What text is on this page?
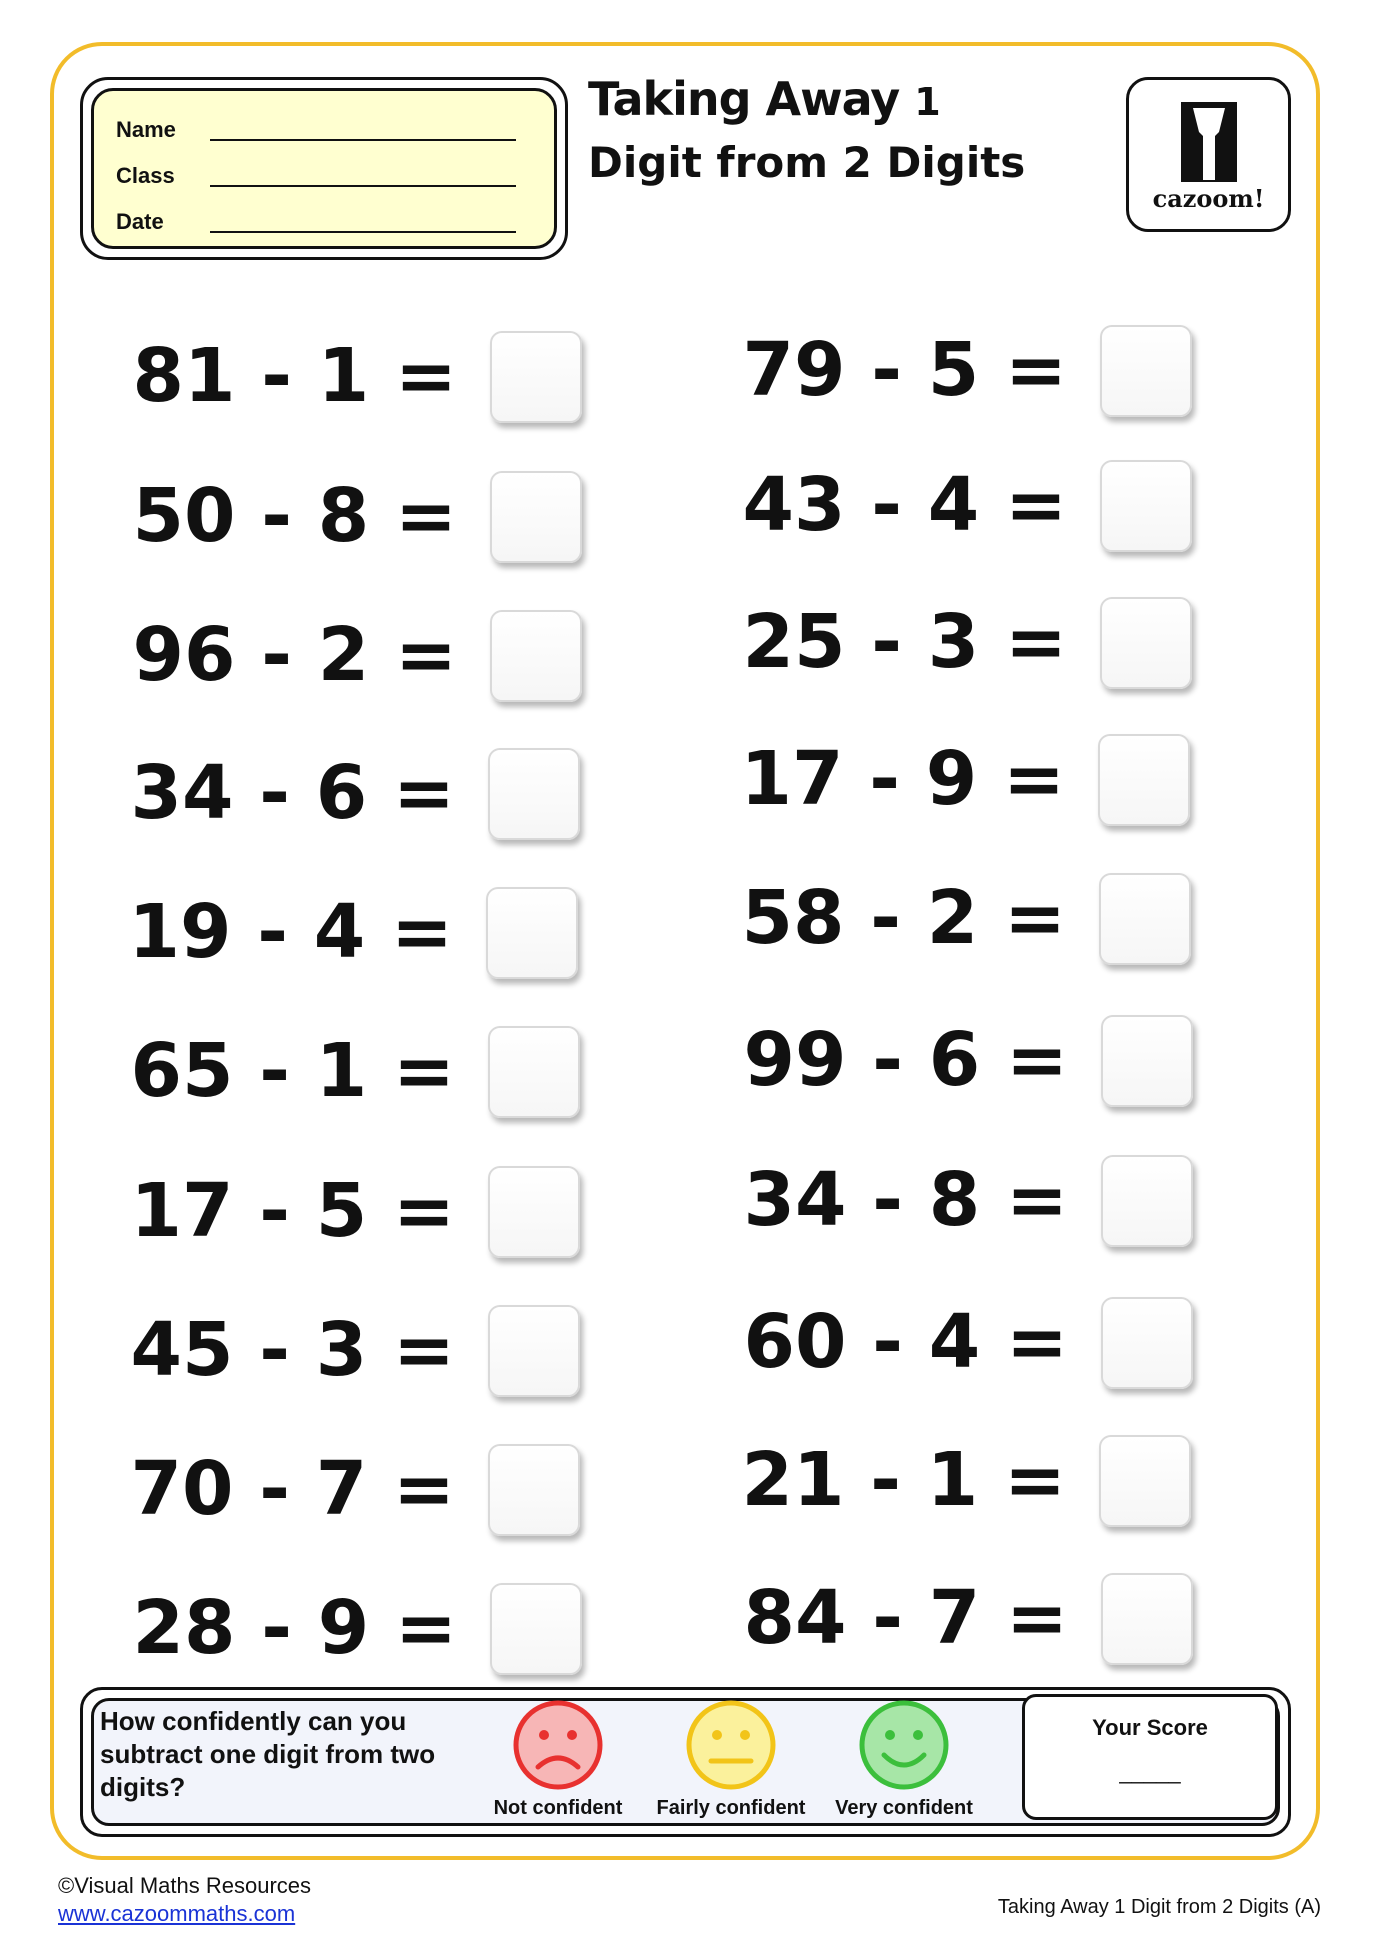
Name
Class
Date
Taking Away 1
Digit from 2 Digits
cazoom!
81 - 1 =
50 - 8 =
96 - 2 =
34 - 6 =
19 - 4 =
65 - 1 =
17 - 5 =
45 - 3 =
70 - 7 =
28 - 9 =
79 - 5 =
43 - 4 =
25 - 3 =
17 - 9 =
58 - 2 =
99 - 6 =
34 - 8 =
60 - 4 =
21 - 1 =
84 - 7 =
How confidently can you subtract one digit from two digits?
Not confident	Fairly confident	Very confident
Your Score
_____
©Visual Maths Resources
www.cazoommaths.com	Taking Away 1 Digit from 2 Digits (A)
